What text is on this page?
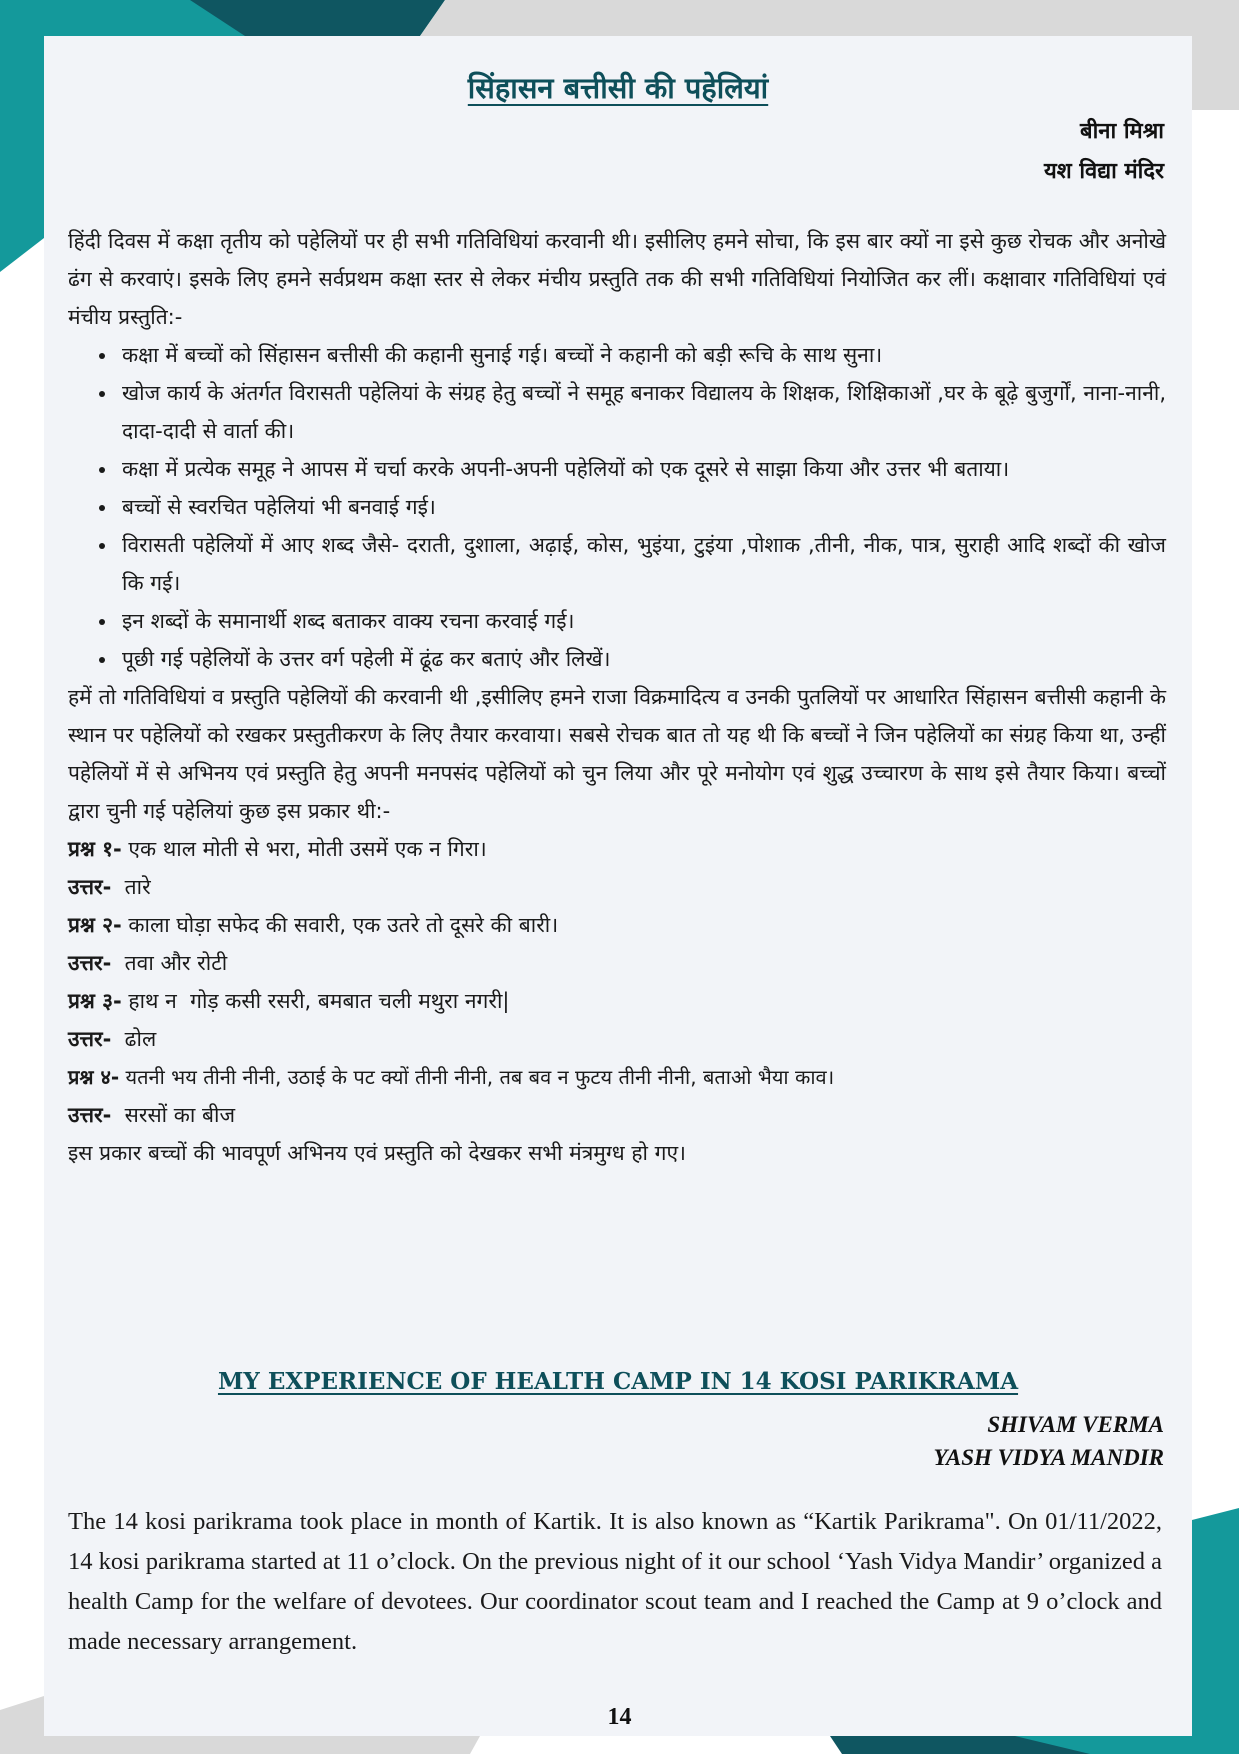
सिंहासन बत्तीसी की पहेलियां
बीना मिश्रा
यश विद्या मंदिर
हिंदी दिवस में कक्षा तृतीय को पहेलियों पर ही सभी गतिविधियां करवानी थी। इसीलिए हमने सोचा, कि इस बार क्यों ना इसे कुछ रोचक और अनोखे ढंग से करवाएं। इसके लिए हमने सर्वप्रथम कक्षा स्तर से लेकर मंचीय प्रस्तुति तक की सभी गतिविधियां नियोजित कर लीं। कक्षावार गतिविधियां एवं मंचीय प्रस्तुति:-
• कक्षा में बच्चों को सिंहासन बत्तीसी की कहानी सुनाई गई। बच्चों ने कहानी को बड़ी रूचि के साथ सुना।
• खोज कार्य के अंतर्गत विरासती पहेलियां के संग्रह हेतु बच्चों ने समूह बनाकर विद्यालय के शिक्षक, शिक्षिकाओं ,घर के बूढ़े बुजुर्गों, नाना-नानी, दादा-दादी से वार्ता की।
• कक्षा में प्रत्येक समूह ने आपस में चर्चा करके अपनी-अपनी पहेलियों को एक दूसरे से साझा किया और उत्तर भी बताया।
• बच्चों से स्वरचित पहेलियां भी बनवाई गई।
• विरासती पहेलियों में आए शब्द जैसे- दराती, दुशाला, अढ़ाई, कोस, भुइंया, टुइंया ,पोशाक ,तीनी, नीक, पात्र, सुराही आदि शब्दों की खोज कि गई।
• इन शब्दों के समानार्थी शब्द बताकर वाक्य रचना करवाई गई।
• पूछी गई पहेलियों के उत्तर वर्ग पहेली में ढूंढ कर बताएं और लिखें।
हमें तो गतिविधियां व प्रस्तुति पहेलियों की करवानी थी ,इसीलिए हमने राजा विक्रमादित्य व उनकी पुतलियों पर आधारित सिंहासन बत्तीसी कहानी के स्थान पर पहेलियों को रखकर प्रस्तुतीकरण के लिए तैयार करवाया। सबसे रोचक बात तो यह थी कि बच्चों ने जिन पहेलियों का संग्रह किया था, उन्हीं पहेलियों में से अभिनय एवं प्रस्तुति हेतु अपनी मनपसंद पहेलियों को चुन लिया और पूरे मनोयोग एवं शुद्ध उच्चारण के साथ इसे तैयार किया। बच्चों द्वारा चुनी गई पहेलियां कुछ इस प्रकार थी:-
प्रश्न १- एक थाल मोती से भरा, मोती उसमें एक न गिरा।
उत्तर-  तारे
प्रश्न २- काला घोड़ा सफेद की सवारी, एक उतरे तो दूसरे की बारी।
उत्तर-  तवा और रोटी
प्रश्न ३- हाथ न  गोड़ कसी रसरी, बमबात चली मथुरा नगरी|
उत्तर-  ढोल
प्रश्न ४- यतनी भय तीनी नीनी, उठाई के पट क्यों तीनी नीनी, तब बव न फुटय तीनी नीनी, बताओ भैया काव।
उत्तर-  सरसों का बीज
इस प्रकार बच्चों की भावपूर्ण अभिनय एवं प्रस्तुति को देखकर सभी मंत्रमुग्ध हो गए।
MY EXPERIENCE OF HEALTH CAMP IN 14 KOSI PARIKRAMA
SHIVAM VERMA
YASH VIDYA MANDIR
The 14 kosi parikrama took place in month of Kartik. It is also known as “Kartik Parikrama". On 01/11/2022, 14 kosi parikrama started at 11 o’clock. On the previous night of it our school ‘Yash Vidya Mandir’ organized a health Camp for the welfare of devotees. Our coordinator scout team and I reached the Camp at 9 o’clock and made necessary arrangement.
14
